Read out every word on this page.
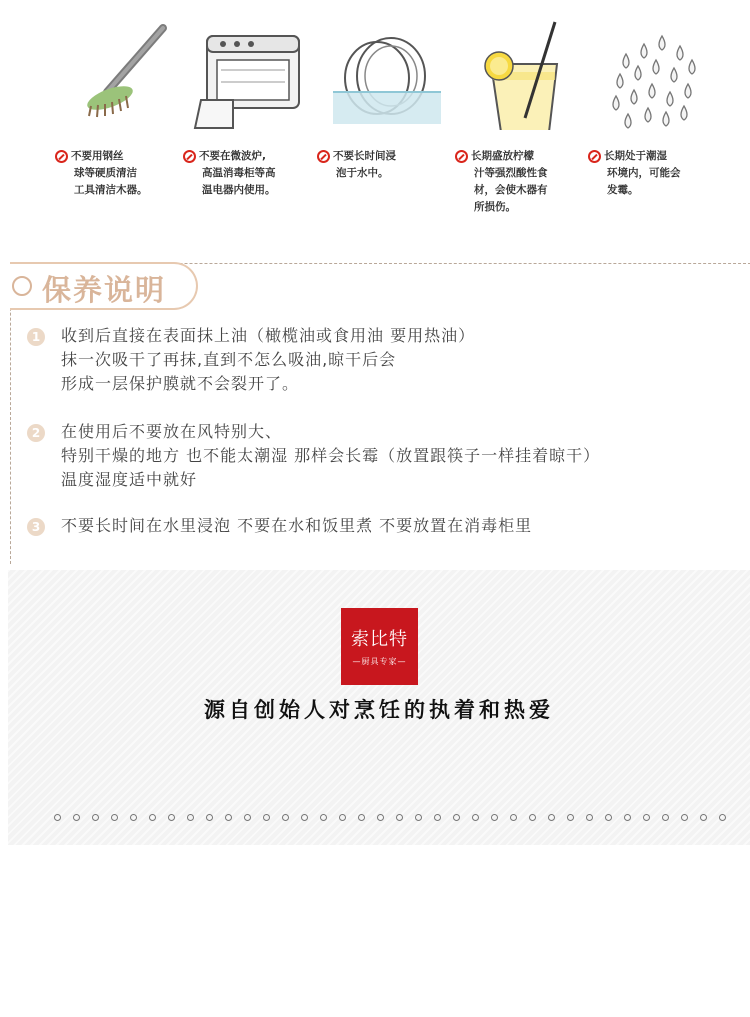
不要用钢丝
球等硬质清洁
工具清洁木器。
不要在微波炉,
高温消毒柜等高
温电器内使用。
不要长时间浸
泡于水中。
长期盛放柠檬
汁等强烈酸性食
材，会使木器有
所损伤。
长期处于潮湿
环境内，可能会
发霉。
保养说明
1	收到后直接在表面抹上油（橄榄油或食用油 要用热油）
抹一次吸干了再抹,直到不怎么吸油,晾干后会
形成一层保护膜就不会裂开了。
2	在使用后不要放在风特别大、
特别干燥的地方 也不能太潮湿 那样会长霉（放置跟筷子一样挂着晾干）
温度湿度适中就好
3	不要长时间在水里浸泡 不要在水和饭里煮 不要放置在消毒柜里
索比特
—厨具专家—
源自创始人对烹饪的执着和热爱
